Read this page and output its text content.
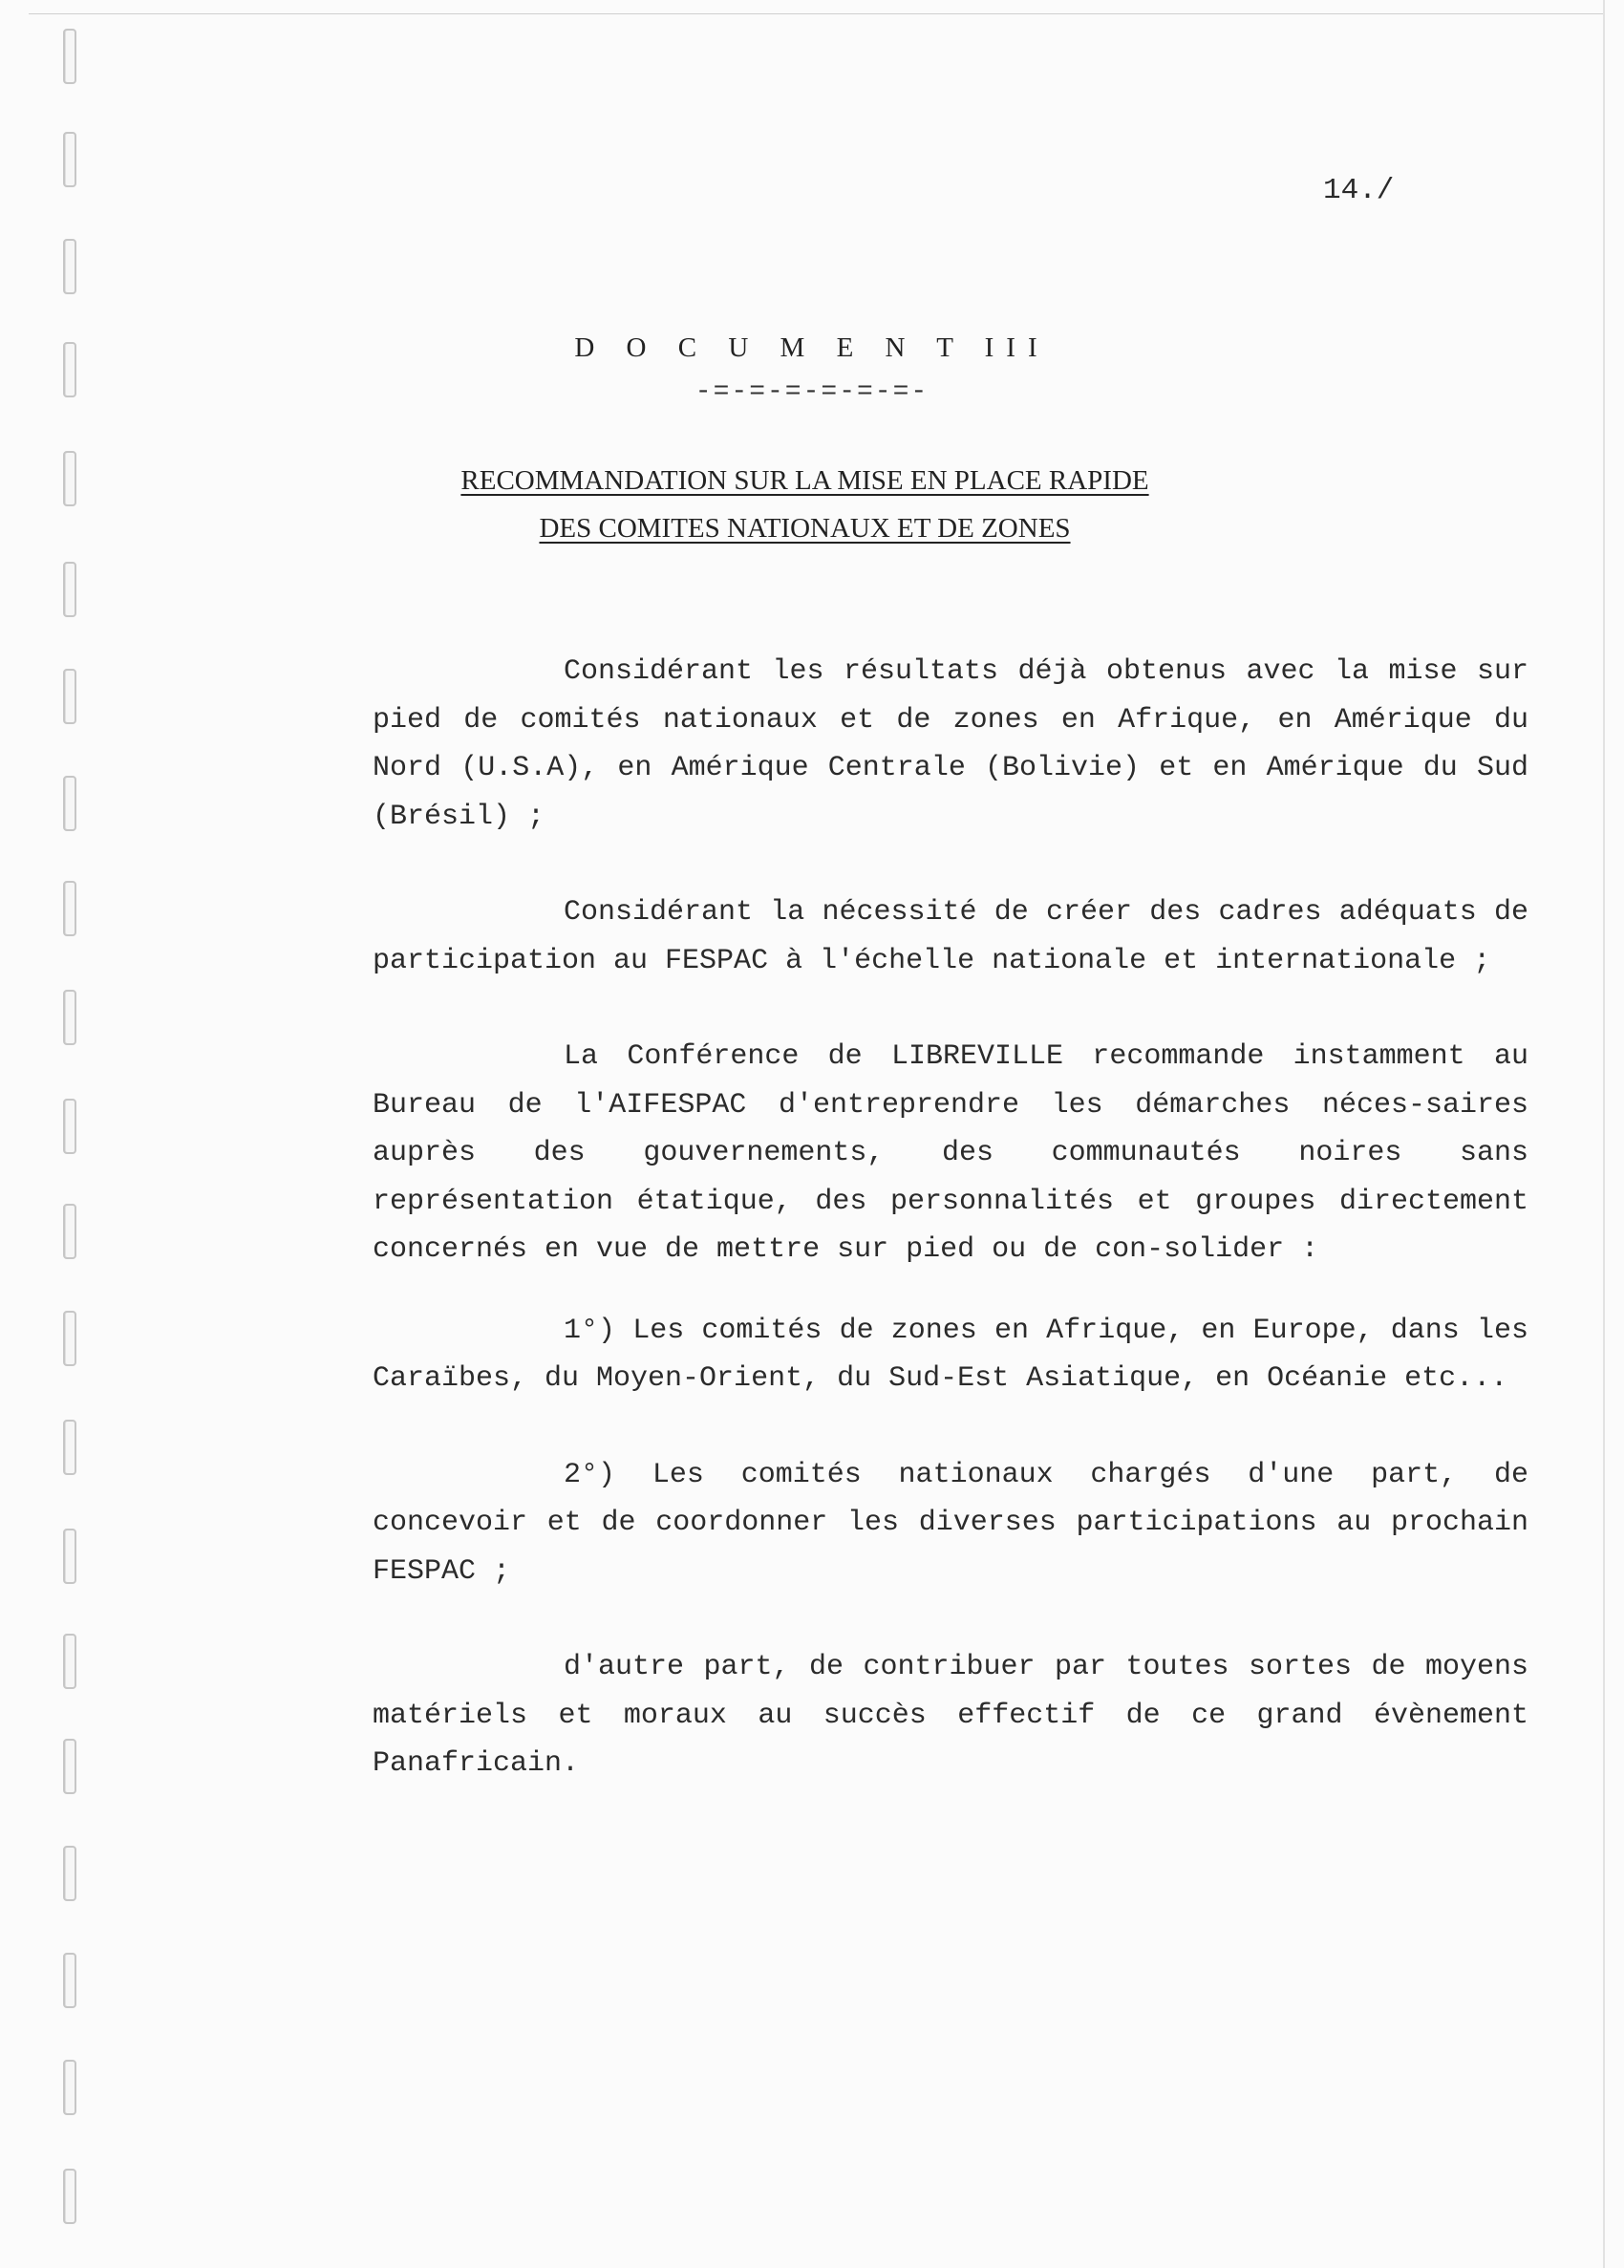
14./
D O C U M E N T III
-=-=-=-=-=-=-
RECOMMANDATION SUR LA MISE EN PLACE RAPIDE
DES COMITES NATIONAUX ET DE ZONES

Considérant les résultats déjà obtenus avec la mise sur pied de comités nationaux et de zones en Afrique, en Amérique du Nord (U.S.A), en Amérique Centrale (Bolivie) et en Amérique du Sud (Brésil) ;

Considérant la nécessité de créer des cadres adéquats de participation au FESPAC à l'échelle nationale et internationale ;

La Conférence de LIBREVILLE recommande instamment au Bureau de l'AIFESPAC d'entreprendre les démarches néces-saires auprès des gouvernements, des communautés noires sans représentation étatique, des personnalités et groupes directement concernés en vue de mettre sur pied ou de con-solider :

1°) Les comités de zones en Afrique, en Europe, dans les Caraïbes, du Moyen-Orient, du Sud-Est Asiatique, en Océanie etc...

2°) Les comités nationaux chargés d'une part, de concevoir et de coordonner les diverses participations au prochain FESPAC ;

d'autre part, de contribuer par toutes sortes de moyens matériels et moraux au succès effectif de ce grand évènement Panafricain.
